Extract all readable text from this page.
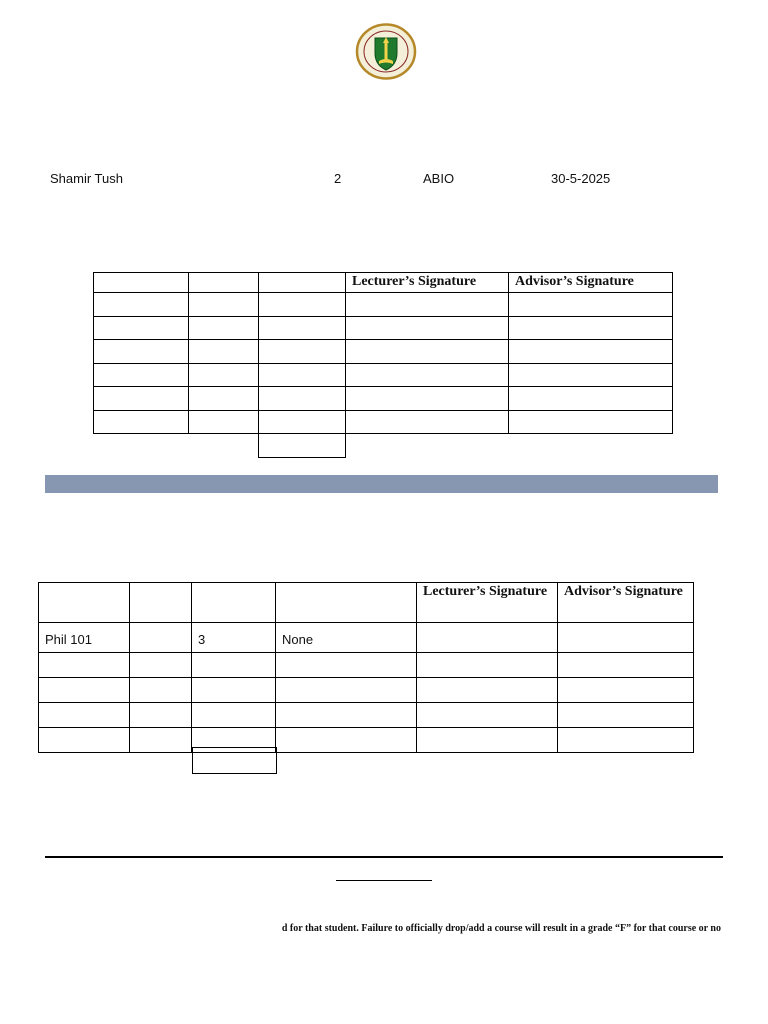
Shamir Tush	2	ABIO	30-5-2025
			Lecturer’s Signature	Advisor’s Signature

				Lecturer’s Signature	Advisor’s Signature
Phil 101		3	None		

d for that student. Failure to officially drop/add a course will result in a grade “F” for that course or no
